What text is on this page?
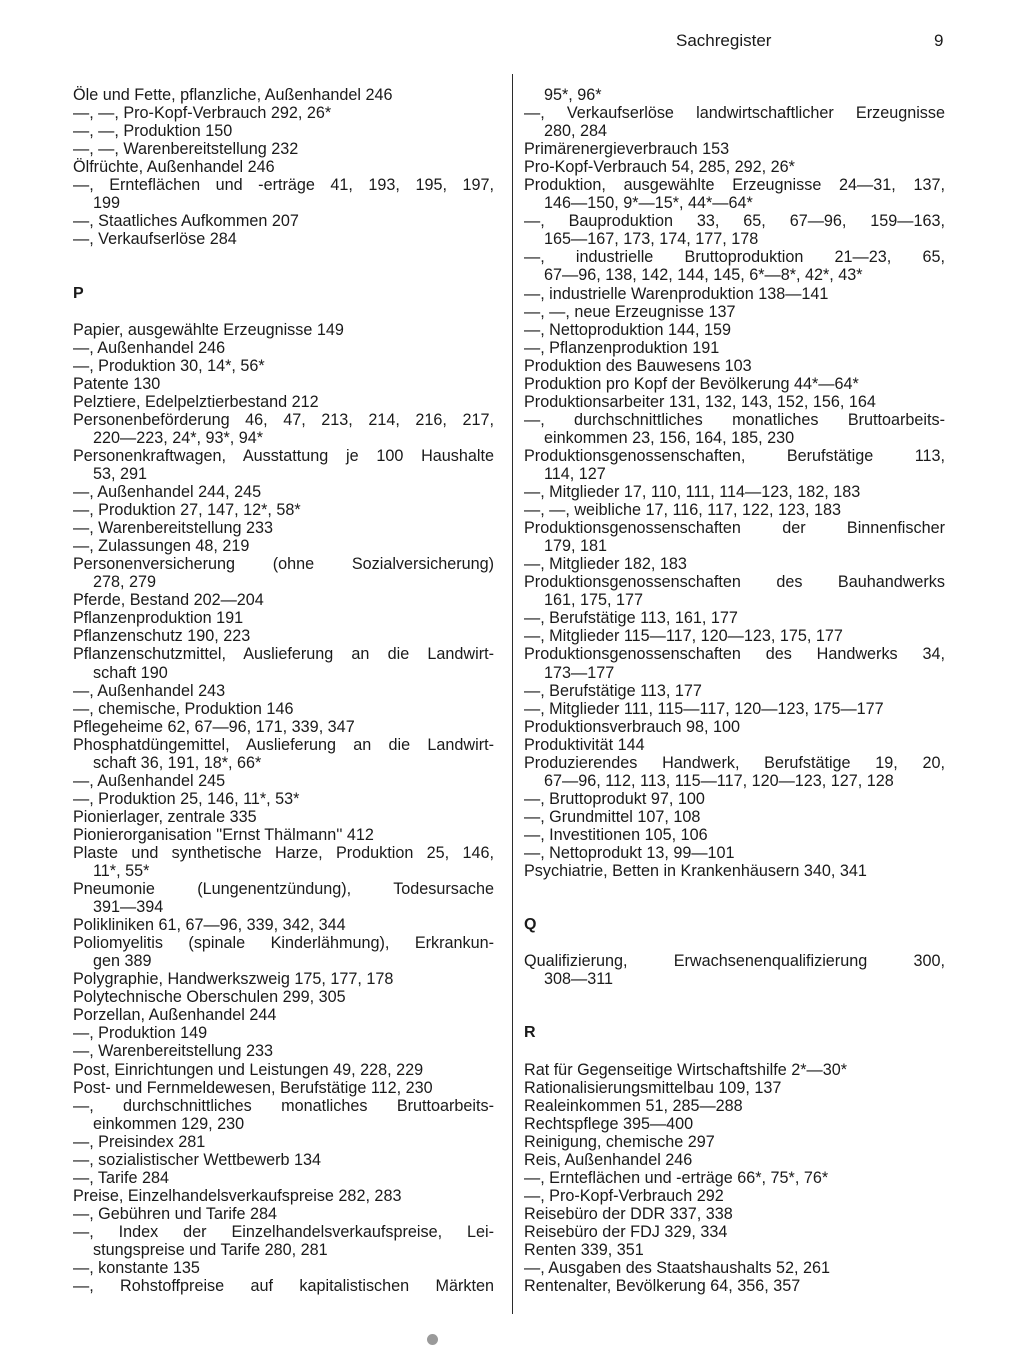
Sachregister	9
Öle und Fette, pflanzliche, Außenhandel 246
—, —, Pro-Kopf-Verbrauch 292, 26*
—, —, Produktion 150
—, —, Warenbereitstellung 232
Ölfrüchte, Außenhandel 246
—, Ernteflächen und -erträge 41, 193, 195, 197,
199
—, Staatliches Aufkommen 207
—, Verkaufserlöse 284
P
Papier, ausgewählte Erzeugnisse 149
—, Außenhandel 246
—, Produktion 30, 14*, 56*
Patente 130
Pelztiere, Edelpelztierbestand 212
Personenbeförderung 46, 47, 213, 214, 216, 217,
220—223, 24*, 93*, 94*
Personenkraftwagen, Ausstattung je 100 Haushalte
53, 291
—, Außenhandel 244, 245
—, Produktion 27, 147, 12*, 58*
—, Warenbereitstellung 233
—, Zulassungen 48, 219
Personenversicherung (ohne Sozialversicherung)
278, 279
Pferde, Bestand 202—204
Pflanzenproduktion 191
Pflanzenschutz 190, 223
Pflanzenschutzmittel, Auslieferung an die Landwirt-
schaft 190
—, Außenhandel 243
—, chemische, Produktion 146
Pflegeheime 62, 67—96, 171, 339, 347
Phosphatdüngemittel, Auslieferung an die Landwirt-
schaft 36, 191, 18*, 66*
—, Außenhandel 245
—, Produktion 25, 146, 11*, 53*
Pionierlager, zentrale 335
Pionierorganisation ''Ernst Thälmann'' 412
Plaste und synthetische Harze, Produktion 25, 146,
11*, 55*
Pneumonie (Lungenentzündung), Todesursache
391—394
Polikliniken 61, 67—96, 339, 342, 344
Poliomyelitis (spinale Kinderlähmung), Erkrankun-
gen 389
Polygraphie, Handwerkszweig 175, 177, 178
Polytechnische Oberschulen 299, 305
Porzellan, Außenhandel 244
—, Produktion 149
—, Warenbereitstellung 233
Post, Einrichtungen und Leistungen 49, 228, 229
Post- und Fernmeldewesen, Berufstätige 112, 230
—, durchschnittliches monatliches Bruttoarbeits-
einkommen 129, 230
—, Preisindex 281
—, sozialistischer Wettbewerb 134
—, Tarife 284
Preise, Einzelhandelsverkaufspreise 282, 283
—, Gebühren und Tarife 284
—, Index der Einzelhandelsverkaufspreise, Lei-
stungspreise und Tarife 280, 281
—, konstante 135
—, Rohstoffpreise auf kapitalistischen Märkten
95*, 96*
—, Verkaufserlöse landwirtschaftlicher Erzeugnisse
280, 284
Primärenergieverbrauch 153
Pro-Kopf-Verbrauch 54, 285, 292, 26*
Produktion, ausgewählte Erzeugnisse 24—31, 137,
146—150, 9*—15*, 44*—64*
—, Bauproduktion 33, 65, 67—96, 159—163,
165—167, 173, 174, 177, 178
—, industrielle Bruttoproduktion 21—23, 65,
67—96, 138, 142, 144, 145, 6*—8*, 42*, 43*
—, industrielle Warenproduktion 138—141
—, —, neue Erzeugnisse 137
—, Nettoproduktion 144, 159
—, Pflanzenproduktion 191
Produktion des Bauwesens 103
Produktion pro Kopf der Bevölkerung 44*—64*
Produktionsarbeiter 131, 132, 143, 152, 156, 164
—, durchschnittliches monatliches Bruttoarbeits-
einkommen 23, 156, 164, 185, 230
Produktionsgenossenschaften, Berufstätige 113,
114, 127
—, Mitglieder 17, 110, 111, 114—123, 182, 183
—, —, weibliche 17, 116, 117, 122, 123, 183
Produktionsgenossenschaften der Binnenfischer
179, 181
—, Mitglieder 182, 183
Produktionsgenossenschaften des Bauhandwerks
161, 175, 177
—, Berufstätige 113, 161, 177
—, Mitglieder 115—117, 120—123, 175, 177
Produktionsgenossenschaften des Handwerks 34,
173—177
—, Berufstätige 113, 177
—, Mitglieder 111, 115—117, 120—123, 175—177
Produktionsverbrauch 98, 100
Produktivität 144
Produzierendes Handwerk, Berufstätige 19, 20,
67—96, 112, 113, 115—117, 120—123, 127, 128
—, Bruttoprodukt 97, 100
—, Grundmittel 107, 108
—, Investitionen 105, 106
—, Nettoprodukt 13, 99—101
Psychiatrie, Betten in Krankenhäusern 340, 341
Q
Qualifizierung, Erwachsenenqualifizierung 300,
308—311
R
Rat für Gegenseitige Wirtschaftshilfe 2*—30*
Rationalisierungsmittelbau 109, 137
Realeinkommen 51, 285—288
Rechtspflege 395—400
Reinigung, chemische 297
Reis, Außenhandel 246
—, Ernteflächen und -erträge 66*, 75*, 76*
—, Pro-Kopf-Verbrauch 292
Reisebüro der DDR 337, 338
Reisebüro der FDJ 329, 334
Renten 339, 351
—, Ausgaben des Staatshaushalts 52, 261
Rentenalter, Bevölkerung 64, 356, 357
